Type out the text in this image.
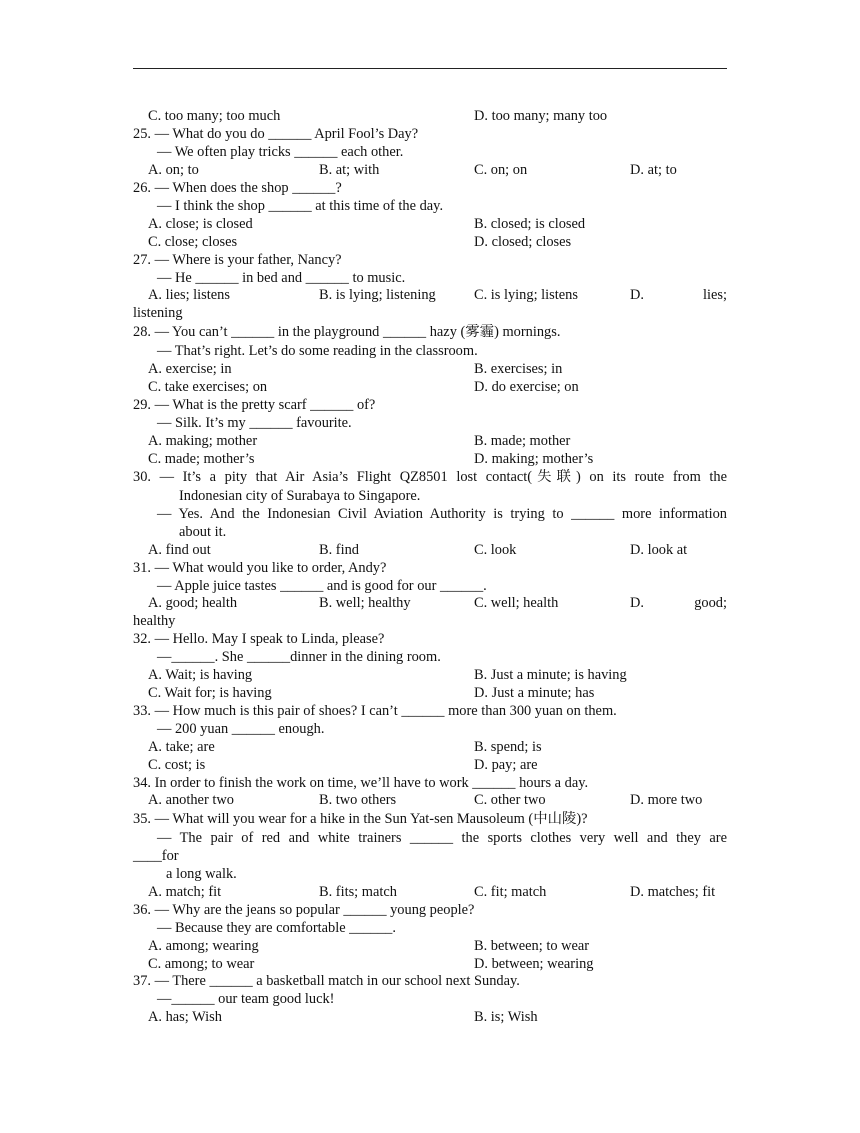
C. too many; too much	D. too many; many too
25. — What do you do ______ April Fool’s Day?
— We often play tricks ______ each other.
A. on; to	B. at; with	C. on; on	D. at; to
26. — When does the shop ______?
— I think the shop ______ at this time of the day.
A. close; is closed	B. closed; is closed
C. close; closes	D. closed; closes
27. — Where is your father, Nancy?
— He ______ in bed and ______ to music.
A. lies; listens	B. is lying; listening	C. is lying; listens	D.	lies;
listening
28. — You can’t ______ in the playground ______ hazy (雾霾) mornings.
— That’s right. Let’s do some reading in the classroom.
A. exercise; in	B. exercises; in
C. take exercises; on	D. do exercise; on
29. — What is the pretty scarf ______ of?
— Silk. It’s my ______ favourite.
A. making; mother	B. made; mother
C. made; mother’s	D. making; mother’s
30. — It’s a pity that Air Asia’s Flight QZ8501 lost contact(失联) on its route from the
Indonesian city of Surabaya to Singapore.
— Yes. And the Indonesian Civil Aviation Authority is trying to ______ more information
about it.
A. find out	B. find	C. look	D. look at
31. — What would you like to order, Andy?
— Apple juice tastes ______ and is good for our ______.
A. good; health	B. well; healthy	C. well; health	D.	good;
healthy
32. — Hello. May I speak to Linda, please?
—______. She ______dinner in the dining room.
A. Wait; is having	B. Just a minute; is having
C. Wait for; is having	D. Just a minute; has
33. — How much is this pair of shoes? I can’t ______ more than 300 yuan on them.
— 200 yuan ______ enough.
A. take; are	B. spend; is
C. cost; is	D. pay; are
34. In order to finish the work on time, we’ll have to work ______ hours a day.
A. another two	B. two others	C. other two	D. more two
35. — What will you wear for a hike in the Sun Yat-sen Mausoleum (中山陵)?
— The pair of red and white trainers ______ the sports clothes very well and they are
____for
a long walk.
A. match; fit	B. fits; match	C. fit; match	D. matches; fit
36. — Why are the jeans so popular ______ young people?
— Because they are comfortable ______.
A. among; wearing	B. between; to wear
C. among; to wear	D. between; wearing
37. — There ______ a basketball match in our school next Sunday.
—______ our team good luck!
A. has; Wish	B. is; Wish
